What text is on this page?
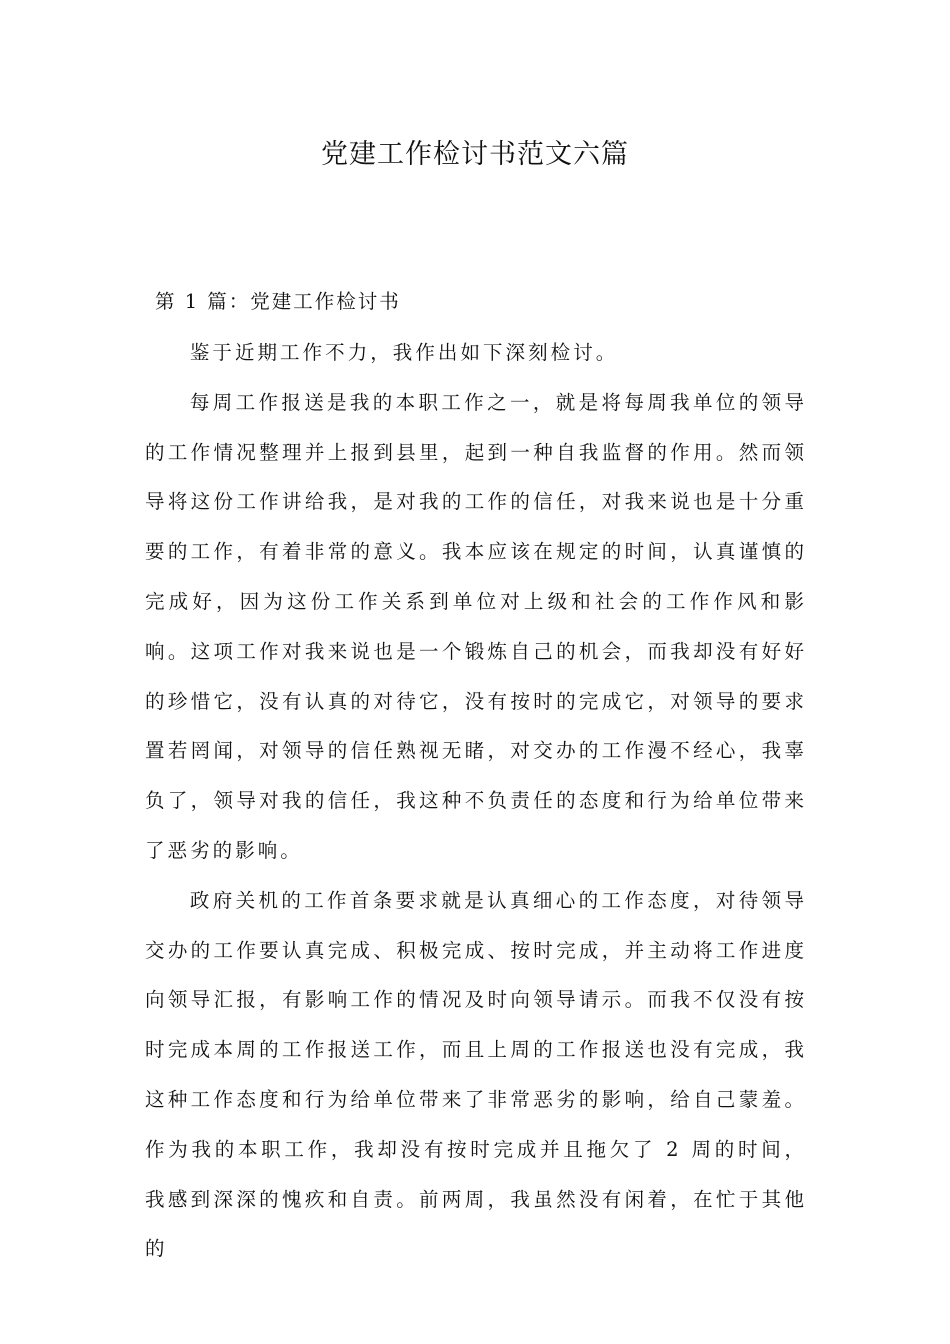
党建工作检讨书范文六篇
第 1 篇：党建工作检讨书

鉴于近期工作不力，我作出如下深刻检讨。

每周工作报送是我的本职工作之一，就是将每周我单位的领导的工作情况整理并上报到县里，起到一种自我监督的作用。然而领导将这份工作讲给我，是对我的工作的信任，对我来说也是十分重要的工作，有着非常的意义。我本应该在规定的时间，认真谨慎的完成好，因为这份工作关系到单位对上级和社会的工作作风和影响。这项工作对我来说也是一个锻炼自己的机会，而我却没有好好的珍惜它，没有认真的对待它，没有按时的完成它，对领导的要求置若罔闻，对领导的信任熟视无睹，对交办的工作漫不经心，我辜负了，领导对我的信任，我这种不负责任的态度和行为给单位带来了恶劣的影响。

政府关机的工作首条要求就是认真细心的工作态度，对待领导交办的工作要认真完成、积极完成、按时完成，并主动将工作进度向领导汇报，有影响工作的情况及时向领导请示。而我不仅没有按时完成本周的工作报送工作，而且上周的工作报送也没有完成，我这种工作态度和行为给单位带来了非常恶劣的影响，给自己蒙羞。作为我的本职工作，我却没有按时完成并且拖欠了 2 周的时间，我感到深深的愧疚和自责。前两周，我虽然没有闲着，在忙于其他的
